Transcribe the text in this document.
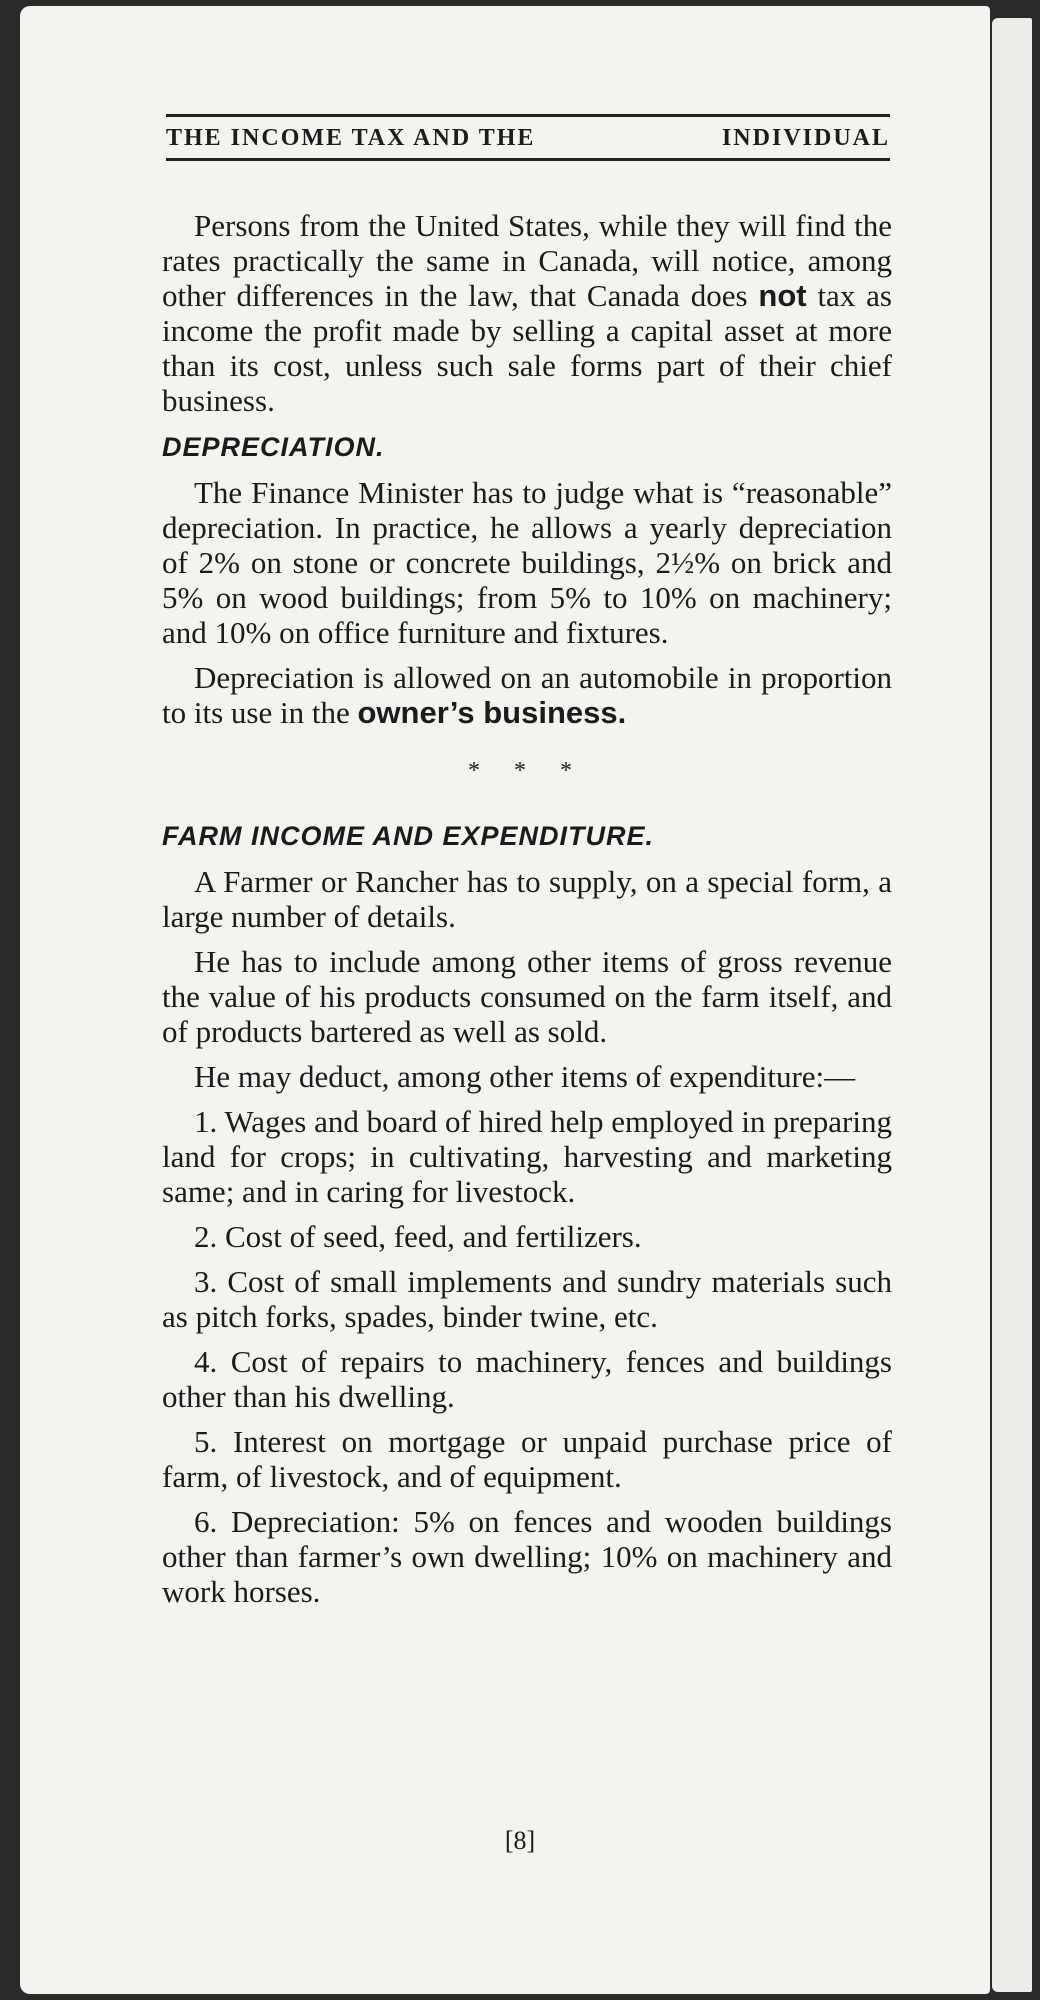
THE INCOME TAX AND THE	INDIVIDUAL

Persons from the United States, while they will find the rates practically the same in Canada, will notice, among other differences in the law, that Canada does not tax as income the profit made by selling a capital asset at more than its cost, unless such sale forms part of their chief business.

DEPRECIATION.

The Finance Minister has to judge what is “reasonable” depreciation. In practice, he allows a yearly depreciation of 2% on stone or concrete buildings, 2½% on brick and 5% on wood buildings; from 5% to 10% on machinery; and 10% on office furniture and fixtures.

Depreciation is allowed on an automobile in proportion to its use in the owner’s business.

* * *
FARM INCOME AND EXPENDITURE.

A Farmer or Rancher has to supply, on a special form, a large number of details.

He has to include among other items of gross revenue the value of his products consumed on the farm itself, and of products bartered as well as sold.

He may deduct, among other items of expenditure:—

1. Wages and board of hired help employed in preparing land for crops; in cultivating, harvesting and marketing same; and in caring for livestock.

2. Cost of seed, feed, and fertilizers.

3. Cost of small implements and sundry materials such as pitch forks, spades, binder twine, etc.

4. Cost of repairs to machinery, fences and buildings other than his dwelling.

5. Interest on mortgage or unpaid purchase price of farm, of livestock, and of equipment.

6. Depreciation: 5% on fences and wooden buildings other than farmer’s own dwelling; 10% on machinery and work horses.

[8]
